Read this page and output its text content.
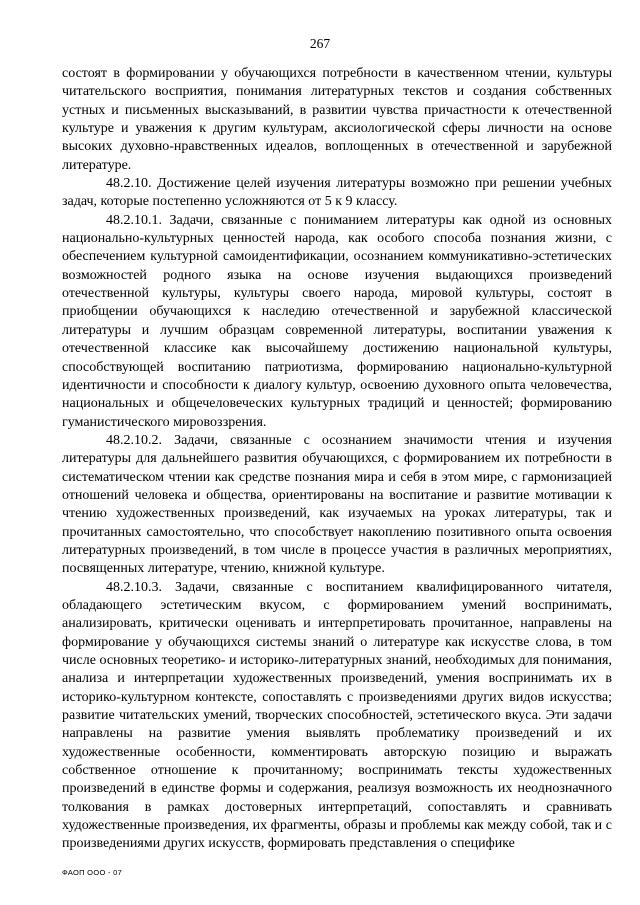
267

состоят в формировании у обучающихся потребности в качественном чтении, культуры читательского восприятия, понимания литературных текстов и создания собственных устных и письменных высказываний, в развитии чувства причастности к отечественной культуре и уважения к другим культурам, аксиологической сферы личности на основе высоких духовно-нравственных идеалов, воплощенных в отечественной и зарубежной литературе.

48.2.10. Достижение целей изучения литературы возможно при решении учебных задач, которые постепенно усложняются от 5 к 9 классу.

48.2.10.1. Задачи, связанные с пониманием литературы как одной из основных национально-культурных ценностей народа, как особого способа познания жизни, с обеспечением культурной самоидентификации, осознанием коммуникативно-эстетических возможностей родного языка на основе изучения выдающихся произведений отечественной культуры, культуры своего народа, мировой культуры, состоят в приобщении обучающихся к наследию отечественной и зарубежной классической литературы и лучшим образцам современной литературы, воспитании уважения к отечественной классике как высочайшему достижению национальной культуры, способствующей воспитанию патриотизма, формированию национально-культурной идентичности и способности к диалогу культур, освоению духовного опыта человечества, национальных и общечеловеческих культурных традиций и ценностей; формированию гуманистического мировоззрения.

48.2.10.2. Задачи, связанные с осознанием значимости чтения и изучения литературы для дальнейшего развития обучающихся, с формированием их потребности в систематическом чтении как средстве познания мира и себя в этом мире, с гармонизацией отношений человека и общества, ориентированы на воспитание и развитие мотивации к чтению художественных произведений, как изучаемых на уроках литературы, так и прочитанных самостоятельно, что способствует накоплению позитивного опыта освоения литературных произведений, в том числе в процессе участия в различных мероприятиях, посвященных литературе, чтению, книжной культуре.

48.2.10.3. Задачи, связанные с воспитанием квалифицированного читателя, обладающего эстетическим вкусом, с формированием умений воспринимать, анализировать, критически оценивать и интерпретировать прочитанное, направлены на формирование у обучающихся системы знаний о литературе как искусстве слова, в том числе основных теоретико- и историко-литературных знаний, необходимых для понимания, анализа и интерпретации художественных произведений, умения воспринимать их в историко-культурном контексте, сопоставлять с произведениями других видов искусства; развитие читательских умений, творческих способностей, эстетического вкуса. Эти задачи направлены на развитие умения выявлять проблематику произведений и их художественные особенности, комментировать авторскую позицию и выражать собственное отношение к прочитанному; воспринимать тексты художественных произведений в единстве формы и содержания, реализуя возможность их неоднозначного толкования в рамках достоверных интерпретаций, сопоставлять и сравнивать художественные произведения, их фрагменты, образы и проблемы как между собой, так и с произведениями других искусств, формировать представления о специфике

ФАОП ООО - 07
